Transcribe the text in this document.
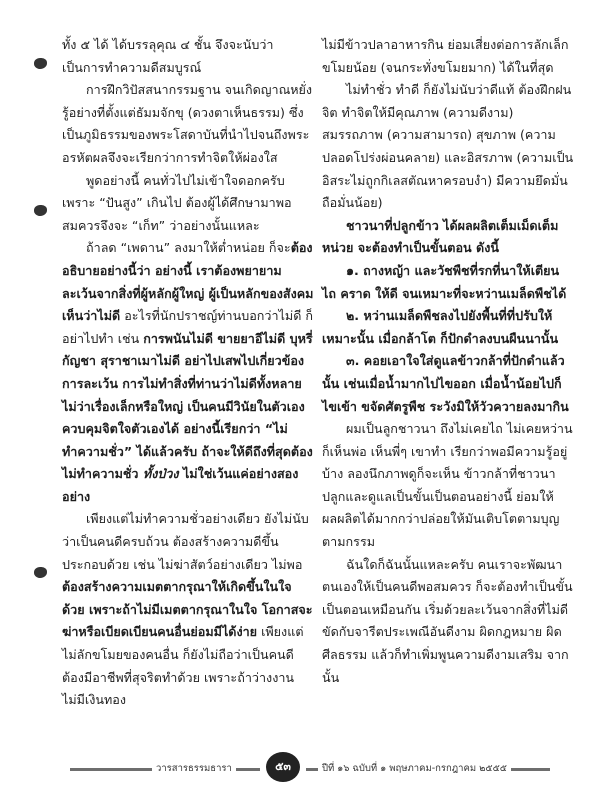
ทั้ง ๕ ได้ ได้บรรลุคุณ ๔ ชั้น จึงจะนับว่าเป็นการทำความดีสมบูรณ์

การฝึกวิปัสสนากรรมฐาน จนเกิดญาณหยั่งรู้อย่างที่ตั้งแต่ธัมมจักขุ (ดวงตาเห็นธรรม) ซึ่งเป็นภูมิธรรมของพระโสดาบันที่นำไปจนถึงพระอรหัตผลจึงจะเรียกว่าการทำจิตให้ผ่องใส

พูดอย่างนี้ คนทั่วไปไม่เข้าใจดอกครับ เพราะ “ปันสูง” เกินไป ต้องผู้ได้ศึกษามาพอสมควรจึงจะ “เก็ท” ว่าอย่างนั้นแหละ

ถ้าลด “เพดาน” ลงมาให้ต่ำหน่อย ก็จะต้องอธิบายอย่างนี้ว่า อย่างนี้ เราต้องพยายามละเว้นจากสิ่งที่ผู้หลักผู้ใหญ่ ผู้เป็นหลักของสังคมเห็นว่าไม่ดี อะไรที่นักปราชญ์ท่านบอกว่าไม่ดี ก็อย่าไปทำ เช่น การพนันไม่ดี ขายยาอีไม่ดี บุหรี่ กัญชา สุราชาเมาไม่ดี อย่าไปเสพไปเกี่ยวข้อง การละเว้น การไม่ทำสิ่งที่ท่านว่าไม่ดีทั้งหลาย ไม่ว่าเรื่องเล็กหรือใหญ่ เป็นคนมีวินัยในตัวเอง ควบคุมจิตใจตัวเองได้ อย่างนี้เรียกว่า “ไม่ทำความชั่ว” ได้แล้วครับ ถ้าจะให้ดีถึงที่สุดต้องไม่ทำความชั่ว ทั้งป่วง ไม่ใช่เว้นแค่อย่างสองอย่าง

เพียงแต่ไม่ทำความชั่วอย่างเดียว ยังไม่นับว่าเป็นคนดีครบถ้วน ต้องสร้างความดีขึ้นประกอบด้วย เช่น ไม่ฆ่าสัตว์อย่างเดียว ไม่พอ ต้องสร้างความเมตตากรุณาให้เกิดขึ้นในใจด้วย เพราะถ้าไม่มีเมตตากรุณาในใจ โอกาสจะฆ่าหรือเบียดเบียนคนอื่นย่อมมีได้ง่าย เพียงแต่ไม่ลักขโมยของคนอื่น ก็ยังไม่ถือว่าเป็นคนดี ต้องมีอาชีพที่สุจริตทำด้วย เพราะถ้าว่างงานไม่มีเงินทอง

ไม่มีข้าวปลาอาหารกิน ย่อมเสี่ยงต่อการลักเล็กขโมยน้อย (จนกระทั่งขโมยมาก) ได้ในที่สุด

ไม่ทำชั่ว ทำดี ก็ยังไม่นับว่าดีแท้ ต้องฝึกฝนจิต ทำจิตให้มีคุณภาพ (ความดีงาม) สมรรถภาพ (ความสามารถ) สุขภาพ (ความปลอดโปร่งผ่อนคลาย) และอิสรภาพ (ความเป็นอิสระไม่ถูกกิเลสตัณหาครอบงำ) มีความยึดมั่นถือมั่นน้อย)

ชาวนาที่ปลูกข้าว ได้ผลผลิตเต็มเม็ดเต็มหน่วย จะต้องทำเป็นขั้นตอน ดังนี้

๑. ถางหญ้า และวัชพืชที่รกที่นาให้เตียน ไถ คราด ให้ดี จนเหมาะที่จะหว่านเมล็ดพืชได้

๒. หว่านเมล็ดพืชลงไปยังพื้นที่ที่ปรับให้เหมาะนั้น เมื่อกล้าโต ก็ปักดำลงบนผืนนานั้น

๓. คอยเอาใจใส่ดูแลข้าวกล้าที่ปักดำแล้วนั้น เช่นเมื่อน้ำมากไปไขออก เมื่อน้ำน้อยไปก็ไขเข้า ขจัดศัตรูพืช ระวังมิให้วัวควายลงมากิน

ผมเป็นลูกชาวนา ถึงไม่เคยไถ ไม่เคยหว่านก็เห็นพ่อ เห็นพี่ๆ เขาทำ เรียกว่าพอมีความรู้อยู่บ้าง ลองนึกภาพดูก็จะเห็น ข้าวกล้าที่ชาวนาปลูกและดูแลเป็นขั้นเป็นตอนอย่างนี้ ย่อมให้ผลผลิตได้มากกว่าปล่อยให้มันเติบโตตามบุญตามกรรม

ฉันใดก็ฉันนั้นแหละครับ คนเราจะพัฒนาตนเองให้เป็นคนดีพอสมควร ก็จะต้องทำเป็นขั้นเป็นตอนเหมือนกัน เริ่มด้วยละเว้นจากสิ่งที่ไม่ดี ขัดกับจารีตประเพณีอันดีงาม ผิดกฎหมาย ผิดศีลธรรม แล้วก็ทำเพิ่มพูนความดีงามเสริม จากนั้น

วารสารธรรมธารา	๕๓	ปีที่ ๑๖ ฉบับที่ ๑ พฤษภาคม-กรกฎาคม ๒๕๕๕
